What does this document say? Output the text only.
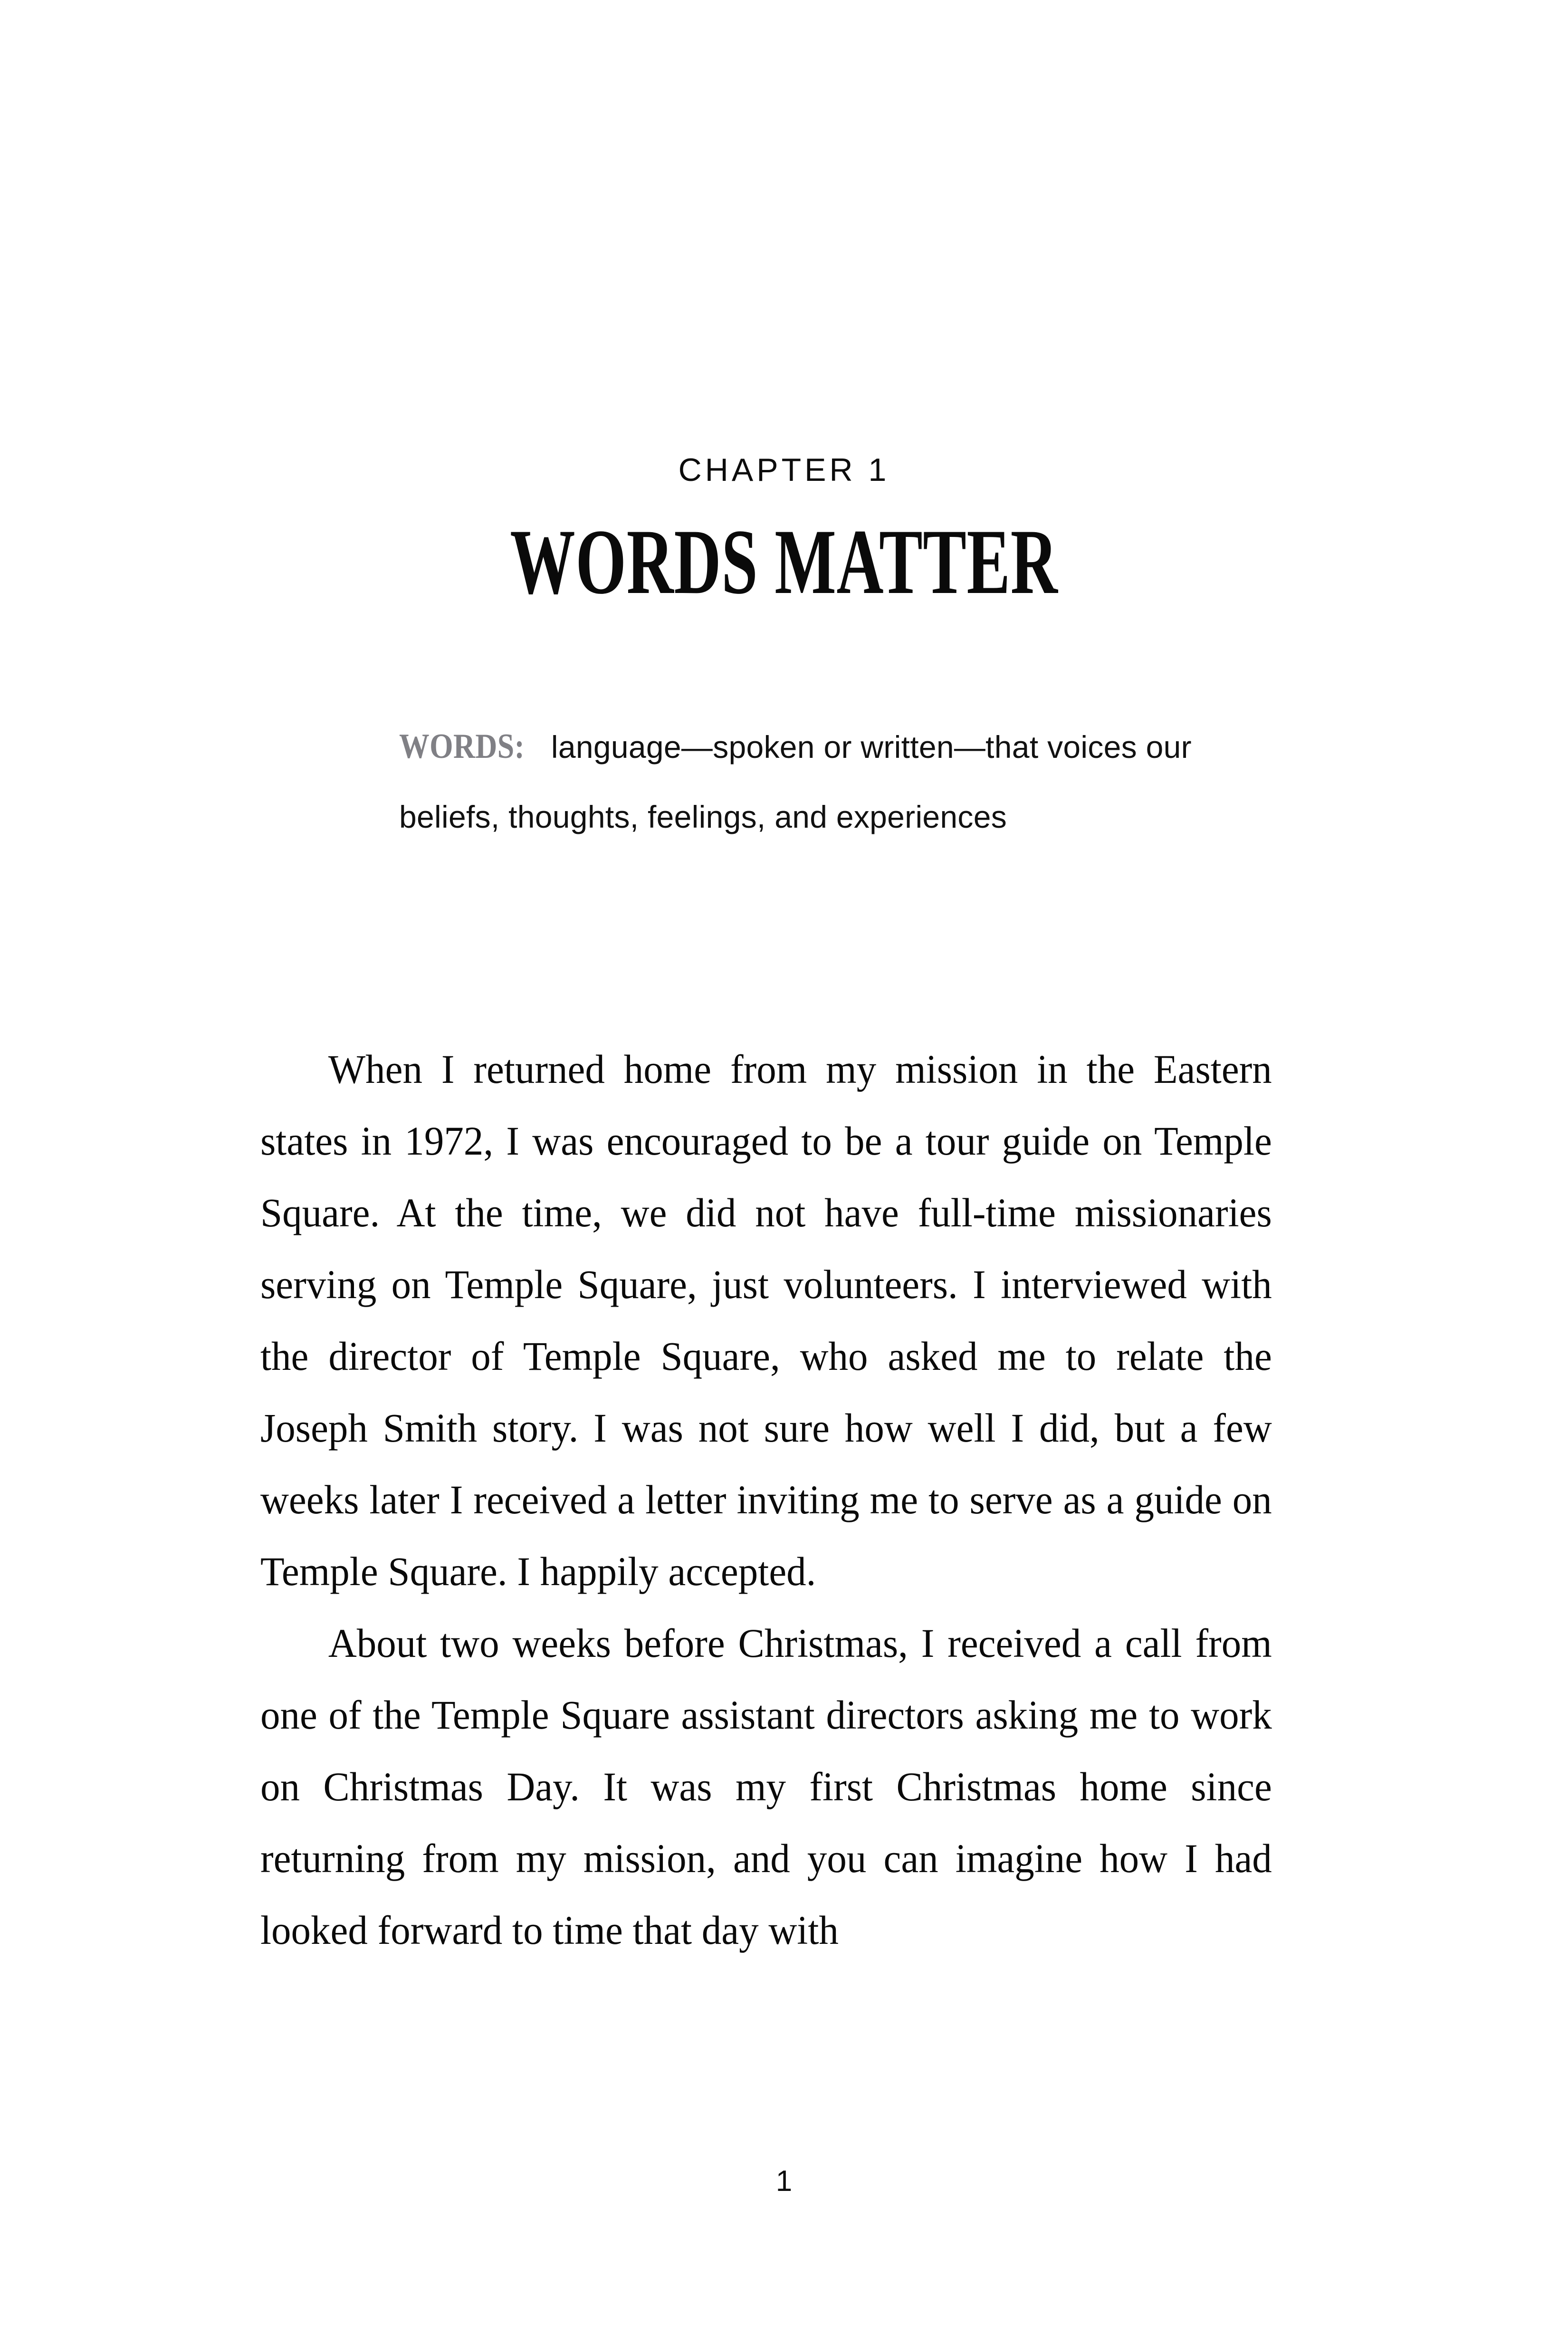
CHAPTER 1
WORDS MATTER
WORDS: language—spoken or written—that voices our beliefs, thoughts, feelings, and experiences

When I returned home from my mission in the Eastern states in 1972, I was encouraged to be a tour guide on Temple Square. At the time, we did not have full-time missionaries serving on Temple Square, just volunteers. I interviewed with the director of Temple Square, who asked me to relate the Joseph Smith story. I was not sure how well I did, but a few weeks later I received a letter inviting me to serve as a guide on Temple Square. I happily accepted.

About two weeks before Christmas, I received a call from one of the Temple Square assistant directors asking me to work on Christmas Day. It was my first Christmas home since returning from my mission, and you can imagine how I had looked forward to time that day with

1
